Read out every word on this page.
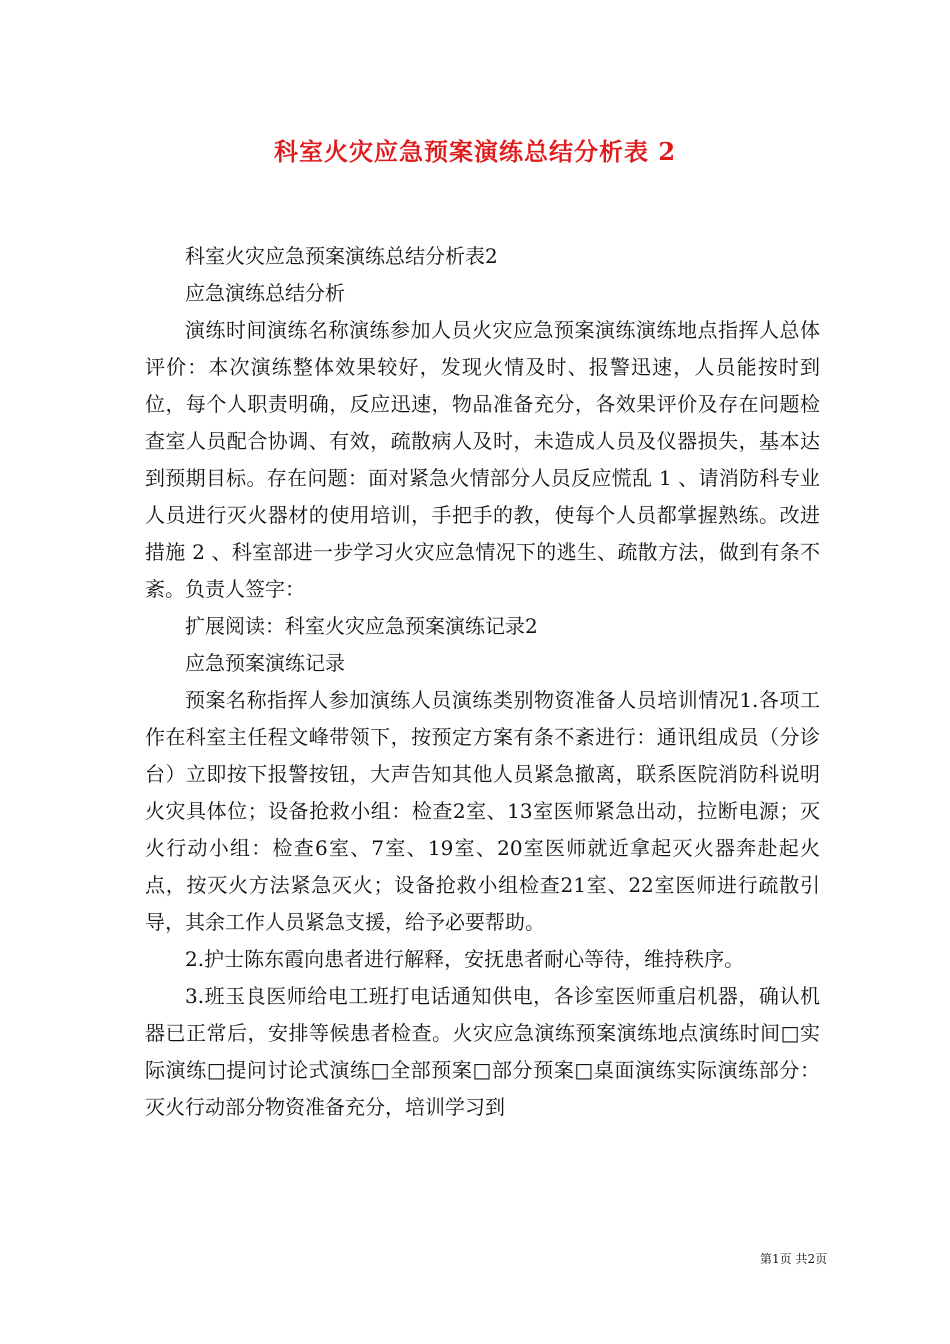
科室火灾应急预案演练总结分析表 2

科室火灾应急预案演练总结分析表2

应急演练总结分析

演练时间演练名称演练参加人员火灾应急预案演练演练地点指挥人总体评价：本次演练整体效果较好，发现火情及时、报警迅速，人员能按时到位，每个人职责明确，反应迅速，物品准备充分，各效果评价及存在问题检查室人员配合协调、有效，疏散病人及时，未造成人员及仪器损失，基本达到预期目标。存在问题：面对紧急火情部分人员反应慌乱 1 、请消防科专业人员进行灭火器材的使用培训，手把手的教，使每个人员都掌握熟练。改进措施 2 、科室部进一步学习火灾应急情况下的逃生、疏散方法，做到有条不紊。负责人签字：

扩展阅读：科室火灾应急预案演练记录2

应急预案演练记录

预案名称指挥人参加演练人员演练类别物资准备人员培训情况1.各项工作在科室主任程文峰带领下，按预定方案有条不紊进行：通讯组成员（分诊台）立即按下报警按钮，大声告知其他人员紧急撤离，联系医院消防科说明火灾具体位；设备抢救小组：检查2室、13室医师紧急出动，拉断电源；灭火行动小组：检查6室、7室、19室、20室医师就近拿起灭火器奔赴起火点，按灭火方法紧急灭火；设备抢救小组检查21室、22室医师进行疏散引导，其余工作人员紧急支援，给予必要帮助。

2.护士陈东霞向患者进行解释，安抚患者耐心等待，维持秩序。

3.班玉良医师给电工班打电话通知供电，各诊室医师重启机器，确认机器已正常后，安排等候患者检查。火灾应急演练预案演练地点演练时间□实际演练□提问讨论式演练□全部预案□部分预案□桌面演练实际演练部分：灭火行动部分物资准备充分，培训学习到

第1页 共2页
